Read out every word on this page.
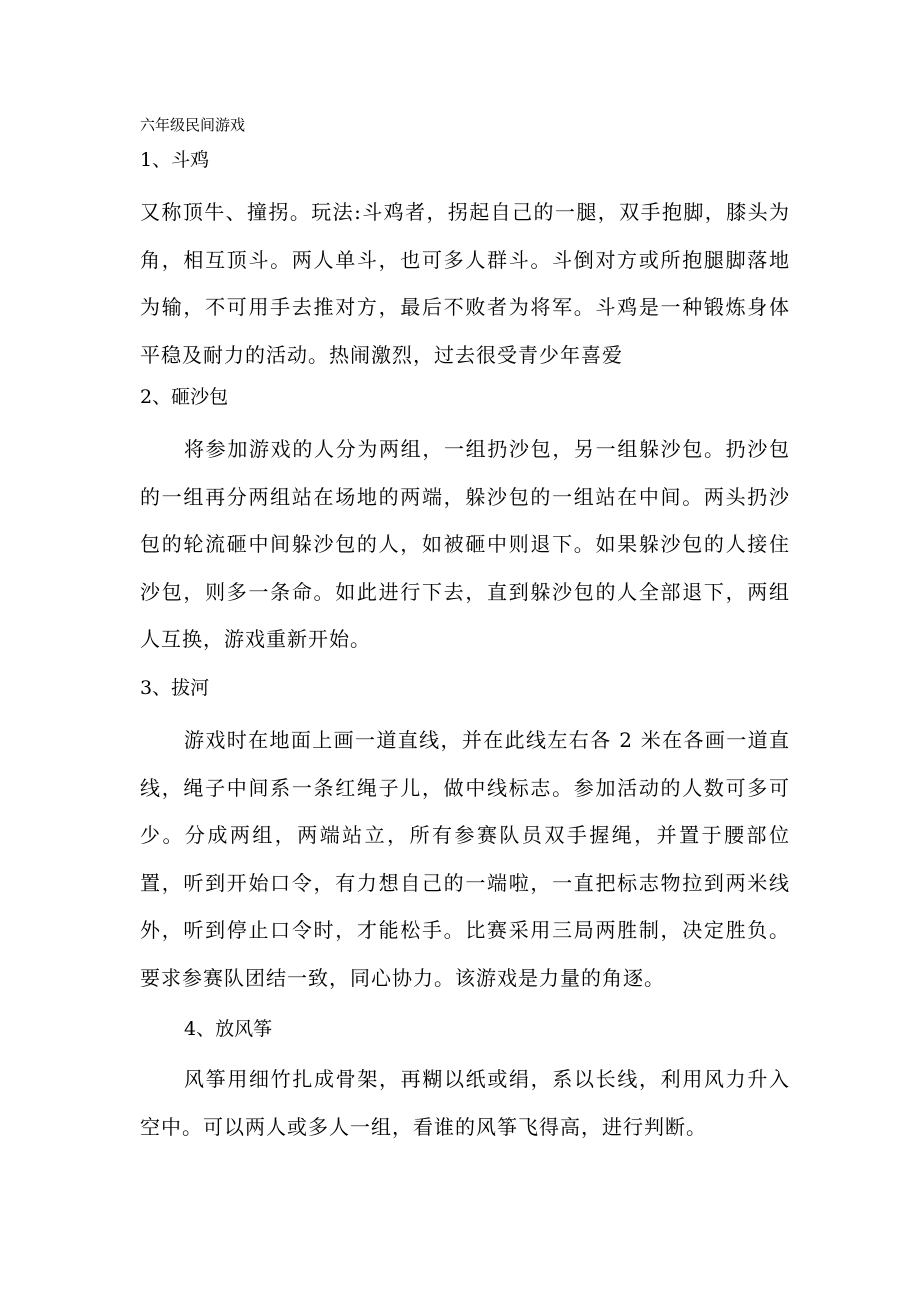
六年级民间游戏
1、斗鸡
又称顶牛、撞拐。玩法:斗鸡者，拐起自己的一腿，双手抱脚，膝头为角，相互顶斗。两人单斗，也可多人群斗。斗倒对方或所抱腿脚落地为输，不可用手去推对方，最后不败者为将军。斗鸡是一种锻炼身体平稳及耐力的活动。热闹激烈，过去很受青少年喜爱
2、砸沙包
将参加游戏的人分为两组，一组扔沙包，另一组躲沙包。扔沙包的一组再分两组站在场地的两端，躲沙包的一组站在中间。两头扔沙包的轮流砸中间躲沙包的人，如被砸中则退下。如果躲沙包的人接住沙包，则多一条命。如此进行下去，直到躲沙包的人全部退下，两组人互换，游戏重新开始。
3、拔河
游戏时在地面上画一道直线，并在此线左右各 2 米在各画一道直线，绳子中间系一条红绳子儿，做中线标志。参加活动的人数可多可少。分成两组，两端站立，所有参赛队员双手握绳，并置于腰部位置，听到开始口令，有力想自己的一端啦，一直把标志物拉到两米线外，听到停止口令时，才能松手。比赛采用三局两胜制，决定胜负。要求参赛队团结一致，同心协力。该游戏是力量的角逐。
4、放风筝
风筝用细竹扎成骨架，再糊以纸或绢，系以长线，利用风力升入空中。可以两人或多人一组，看谁的风筝飞得高，进行判断。
